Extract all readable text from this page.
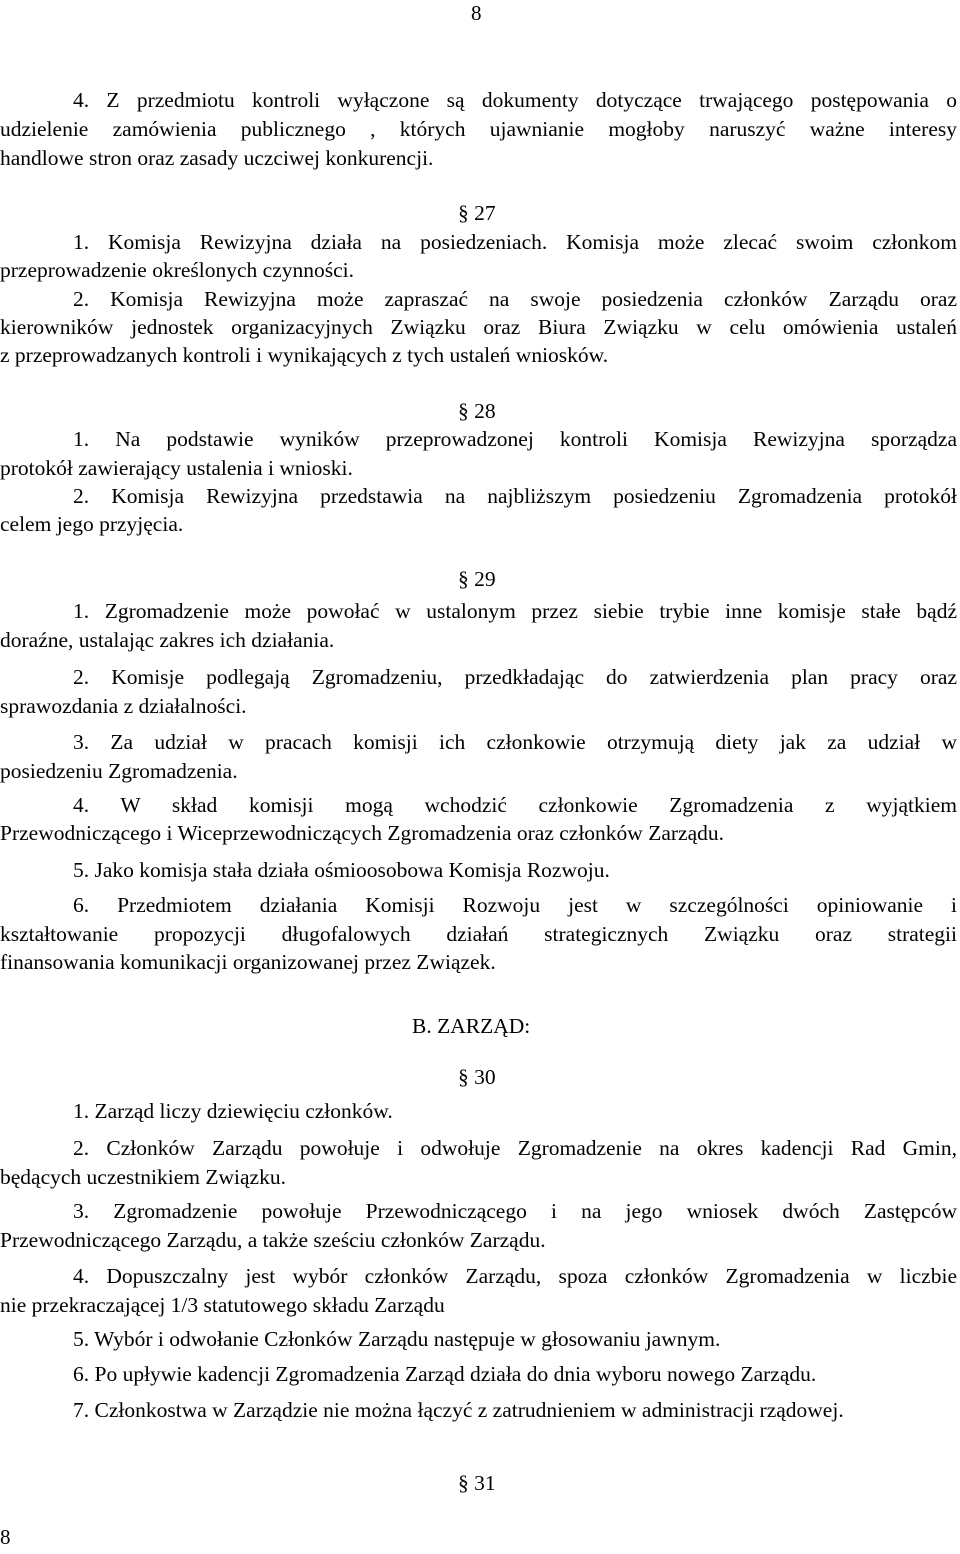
8
4. Z przedmiotu kontroli wyłączone są dokumenty dotyczące trwającego postępowania o
udzielenie zamówienia publicznego , których ujawnianie mogłoby naruszyć ważne interesy
handlowe stron oraz zasady uczciwej konkurencji.
§ 27
1. Komisja Rewizyjna działa na posiedzeniach. Komisja może zlecać swoim członkom
przeprowadzenie określonych czynności.
2. Komisja Rewizyjna może zapraszać na swoje posiedzenia członków Zarządu oraz
kierowników jednostek organizacyjnych Związku oraz Biura Związku w celu omówienia ustaleń
z przeprowadzanych kontroli i wynikających z tych ustaleń wniosków.
§ 28
1. Na podstawie wyników przeprowadzonej kontroli Komisja Rewizyjna sporządza
protokół zawierający ustalenia i wnioski.
2. Komisja Rewizyjna przedstawia na najbliższym posiedzeniu Zgromadzenia protokół
celem jego przyjęcia.
§ 29
1. Zgromadzenie może powołać w ustalonym przez siebie trybie inne komisje stałe bądź
doraźne, ustalając zakres ich działania.
2. Komisje podlegają Zgromadzeniu, przedkładając do zatwierdzenia plan pracy oraz
sprawozdania z działalności.
3. Za udział w pracach komisji ich członkowie otrzymują diety jak za udział w
posiedzeniu Zgromadzenia.
4. W skład komisji mogą wchodzić członkowie Zgromadzenia z wyjątkiem
Przewodniczącego i Wiceprzewodniczących Zgromadzenia oraz członków Zarządu.
5. Jako komisja stała działa ośmioosobowa Komisja Rozwoju.
6. Przedmiotem działania Komisji Rozwoju jest w szczególności opiniowanie i
kształtowanie propozycji długofalowych działań strategicznych Związku oraz strategii
finansowania komunikacji organizowanej przez Związek.
B. ZARZĄD:
§ 30
1. Zarząd liczy dziewięciu członków.
2. Członków Zarządu powołuje i odwołuje Zgromadzenie na okres kadencji Rad Gmin,
będących uczestnikiem Związku.
3. Zgromadzenie powołuje Przewodniczącego i na jego wniosek dwóch Zastępców
Przewodniczącego Zarządu, a także sześciu członków Zarządu.
4. Dopuszczalny jest wybór członków Zarządu, spoza członków Zgromadzenia w liczbie
nie przekraczającej 1/3 statutowego składu Zarządu
5. Wybór i odwołanie Członków Zarządu następuje w głosowaniu jawnym.
6. Po upływie kadencji Zgromadzenia Zarząd działa do dnia wyboru nowego Zarządu.
7. Członkostwa w Zarządzie nie można łączyć z zatrudnieniem w administracji rządowej.
§ 31
8
